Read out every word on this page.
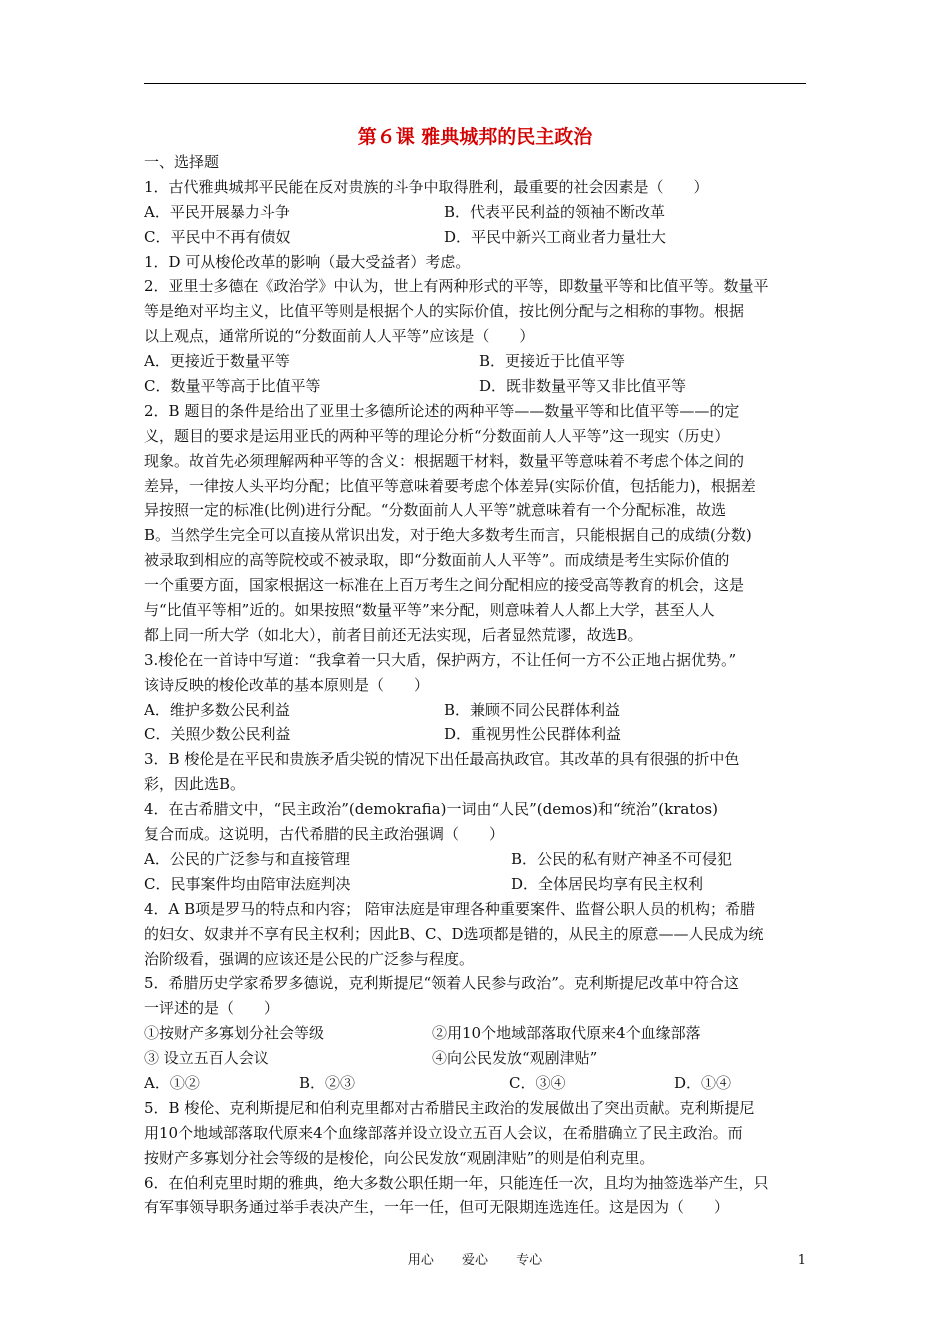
第６课 雅典城邦的民主政治
一、选择题
1．古代雅典城邦平民能在反对贵族的斗争中取得胜利，最重要的社会因素是（　　）
A．平民开展暴力斗争	B．代表平民利益的领袖不断改革
C．平民中不再有债奴	D．平民中新兴工商业者力量壮大
1．D 可从梭伦改革的影响（最大受益者）考虑。
2．亚里士多德在《政治学》中认为，世上有两种形式的平等，即数量平等和比值平等。数量平
等是绝对平均主义，比值平等则是根据个人的实际价值，按比例分配与之相称的事物。根据
以上观点，通常所说的“分数面前人人平等”应该是（　　）
A．更接近于数量平等	B．更接近于比值平等
C．数量平等高于比值平等	D．既非数量平等又非比值平等
2．B 题目的条件是给出了亚里士多德所论述的两种平等——数量平等和比值平等——的定
义，题目的要求是运用亚氏的两种平等的理论分析“分数面前人人平等”这一现实（历史）
现象。故首先必须理解两种平等的含义：根据题干材料，数量平等意味着不考虑个体之间的
差异，一律按人头平均分配；比值平等意味着要考虑个体差异(实际价值，包括能力)，根据差
异按照一定的标准(比例)进行分配。“分数面前人人平等”就意味着有一个分配标准，故选
B。当然学生完全可以直接从常识出发，对于绝大多数考生而言，只能根据自己的成绩(分数)
被录取到相应的高等院校或不被录取，即“分数面前人人平等”。而成绩是考生实际价值的
一个重要方面，国家根据这一标准在上百万考生之间分配相应的接受高等教育的机会，这是
与“比值平等相”近的。如果按照“数量平等”来分配，则意味着人人都上大学，甚至人人
都上同一所大学（如北大），前者目前还无法实现，后者显然荒谬，故选B。
3.梭伦在一首诗中写道：“我拿着一只大盾，保护两方，不让任何一方不公正地占据优势。”
该诗反映的梭伦改革的基本原则是（　　）
A．维护多数公民利益	B．兼顾不同公民群体利益
C．关照少数公民利益	D．重视男性公民群体利益
3．B 梭伦是在平民和贵族矛盾尖锐的情况下出任最高执政官。其改革的具有很强的折中色
彩，因此选B。
4．在古希腊文中，“民主政治”(demokrafia)一词由“人民”(demos)和“统治”(kratos)
复合而成。这说明，古代希腊的民主政治强调（　　）
A．公民的广泛参与和直接管理	B．公民的私有财产神圣不可侵犯
C．民事案件均由陪审法庭判决	D．全体居民均享有民主权利
4．A B项是罗马的特点和内容； 陪审法庭是审理各种重要案件、监督公职人员的机构；希腊
的妇女、奴隶并不享有民主权利；因此B、C、D选项都是错的，从民主的原意——人民成为统
治阶级看，强调的应该还是公民的广泛参与程度。
5．希腊历史学家希罗多德说，克利斯提尼“领着人民参与政治”。克利斯提尼改革中符合这
一评述的是（　　）
①按财产多寡划分社会等级	②用10个地域部落取代原来4个血缘部落
③ 设立五百人会议	④向公民发放“观剧津贴”
A．①②	B．②③	C．③④	D．①④
5．B 梭伦、克利斯提尼和伯利克里都对古希腊民主政治的发展做出了突出贡献。克利斯提尼
用10个地域部落取代原来4个血缘部落并设立设立五百人会议，在希腊确立了民主政治。而
按财产多寡划分社会等级的是梭伦，向公民发放“观剧津贴”的则是伯利克里。
6．在伯利克里时期的雅典，绝大多数公职任期一年，只能连任一次，且均为抽签选举产生，只
有军事领导职务通过举手表决产生，一年一任，但可无限期连选连任。这是因为（　　）
用心 爱心 专心	1
